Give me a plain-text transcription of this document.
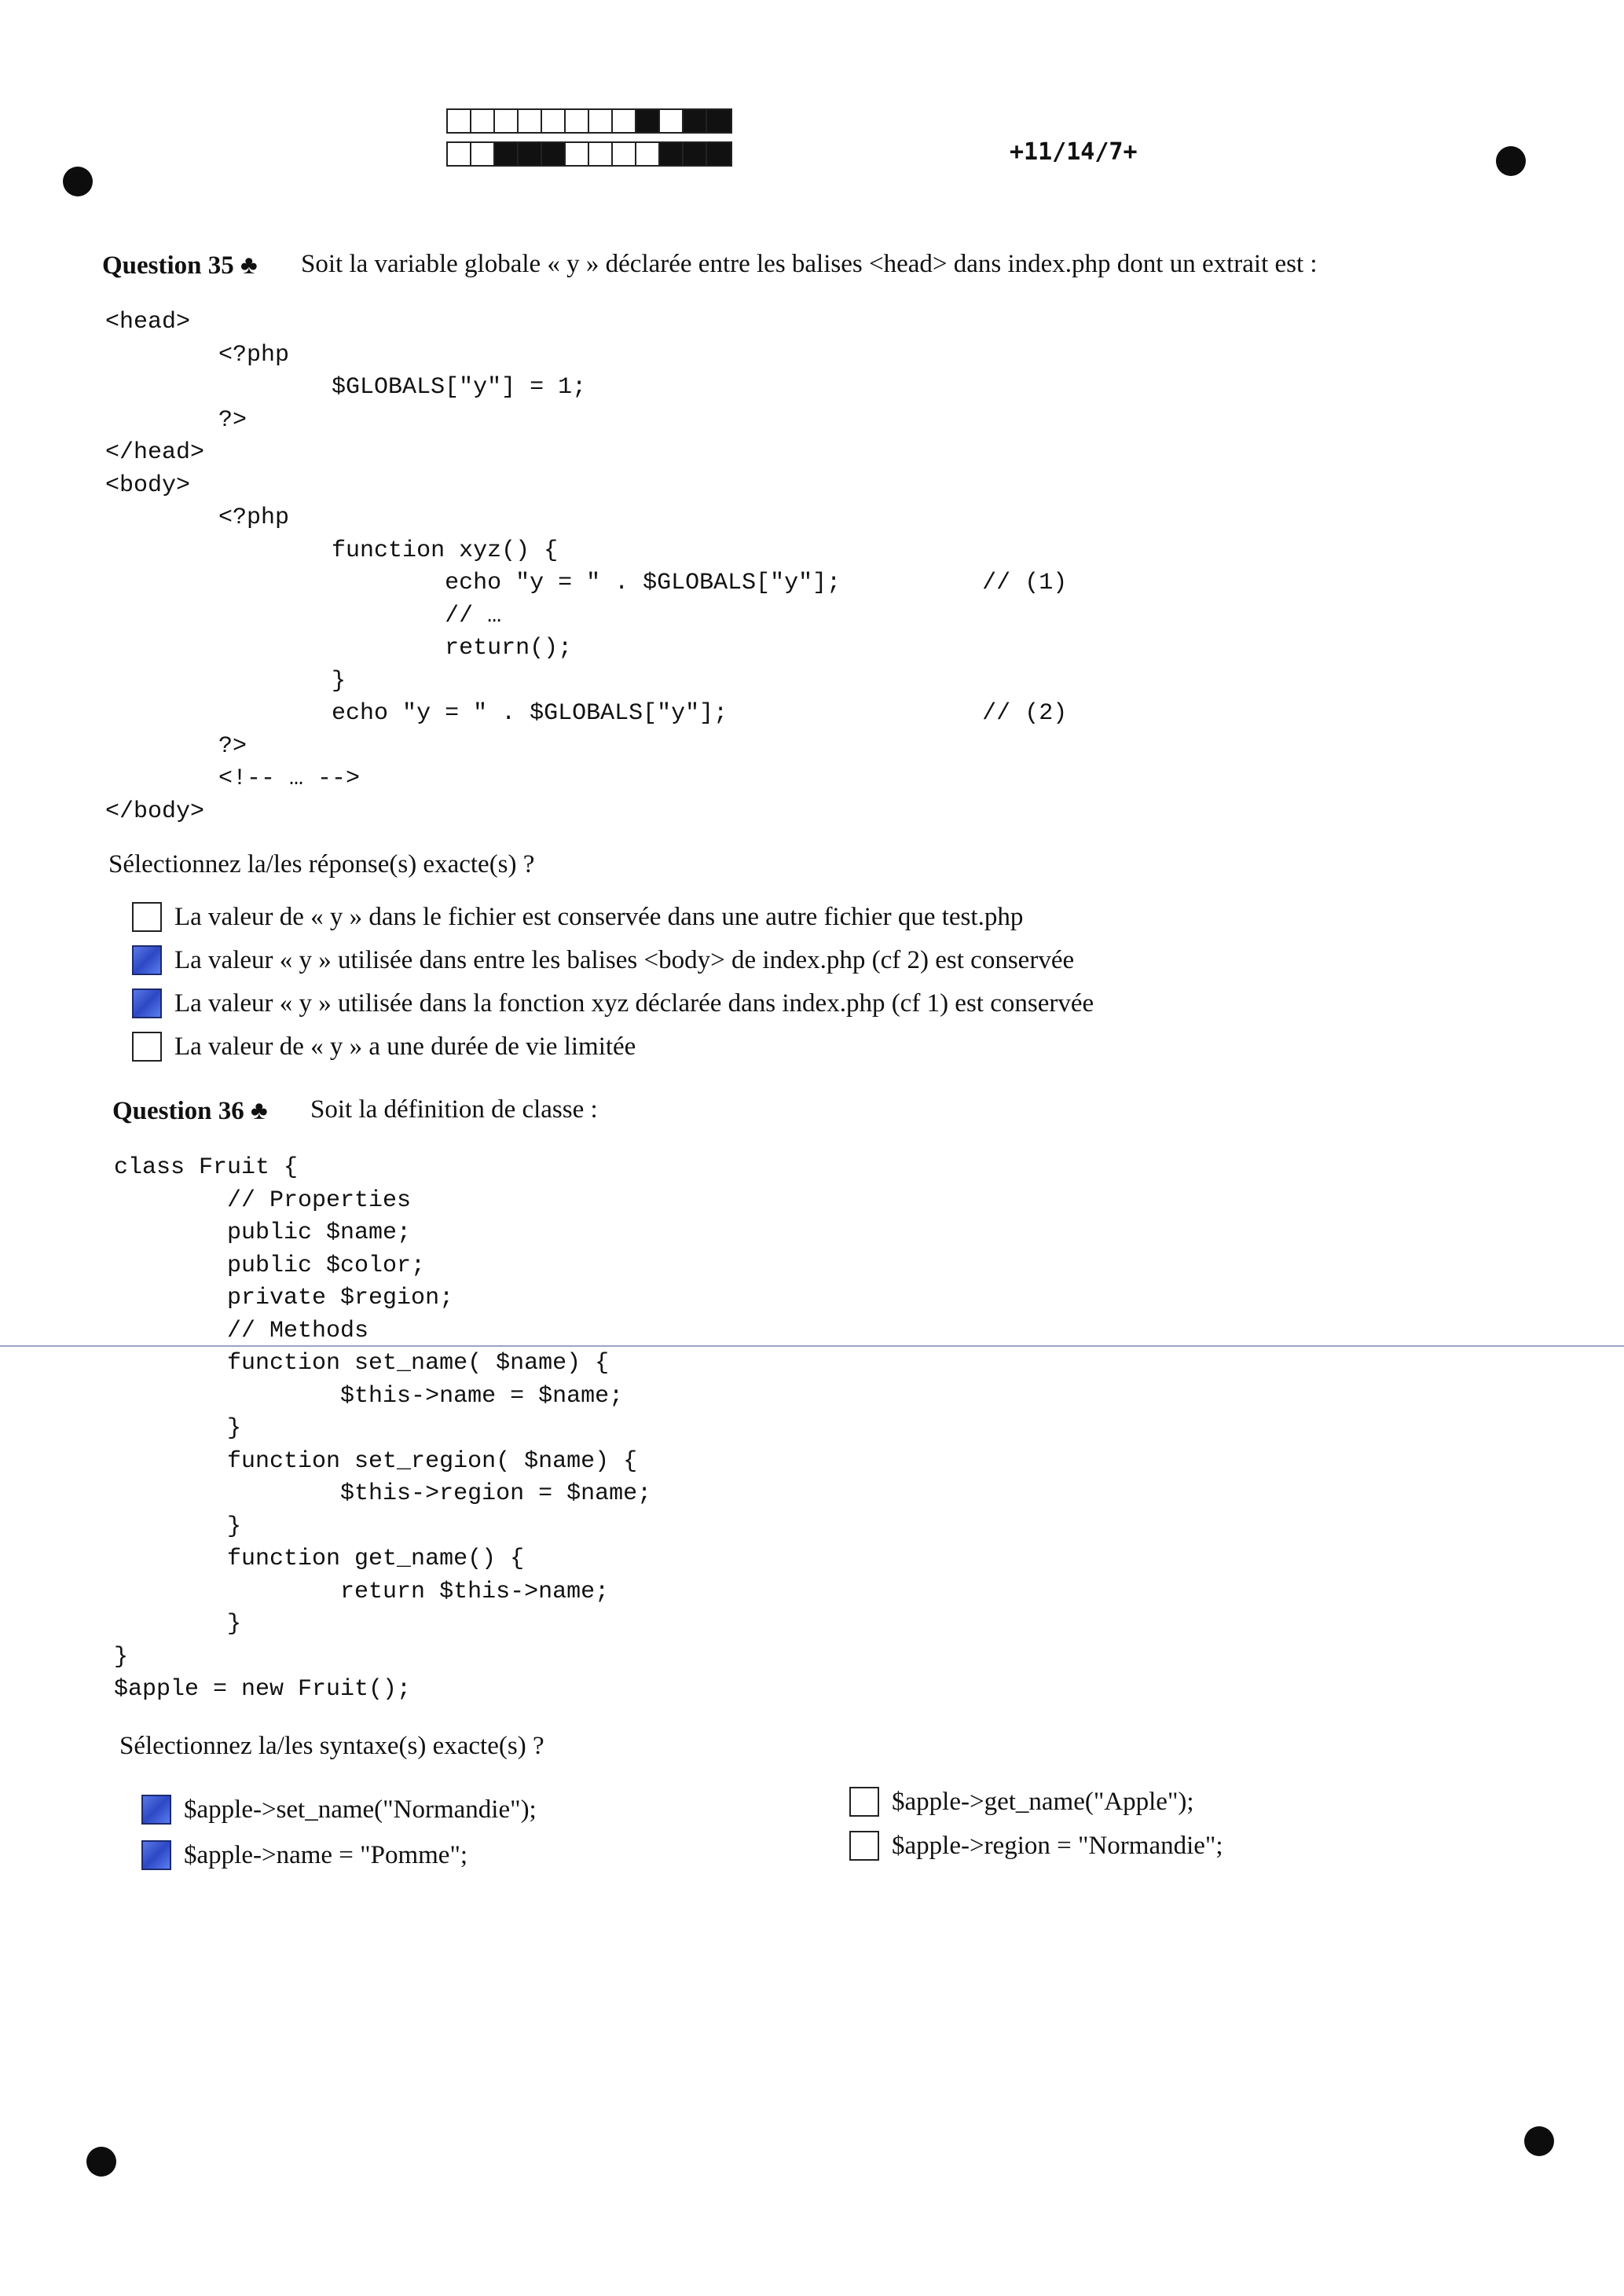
+11/14/7+
Question 35 ♣ Soit la variable globale « y » déclarée entre les balises <head> dans index.php dont un extrait est :
<head>
<?php
$GLOBALS["y"] = 1;
?>
</head>
<body>
<?php
function xyz() {
echo "y = " . $GLOBALS["y"];          // (1)
// …
return();
}
echo "y = " . $GLOBALS["y"];                  // (2)
?>
<!-- … -->
</body>
Sélectionnez la/les réponse(s) exacte(s) ?
La valeur de « y » dans le fichier est conservée dans une autre fichier que test.php
La valeur « y » utilisée dans entre les balises <body> de index.php (cf 2) est conservée
La valeur « y » utilisée dans la fonction xyz déclarée dans index.php (cf 1) est conservée
La valeur de « y » a une durée de vie limitée
Question 36 ♣ Soit la définition de classe :
class Fruit {
// Properties
public $name;
public $color;
private $region;
// Methods
function set_name( $name) {
$this->name = $name;
}
function set_region( $name) {
$this->region = $name;
}
function get_name() {
return $this->name;
}
}
$apple = new Fruit();
Sélectionnez la/les syntaxe(s) exacte(s) ?
$apple->set_name("Normandie");
$apple->name = "Pomme";
$apple->get_name("Apple");
$apple->region = "Normandie";
